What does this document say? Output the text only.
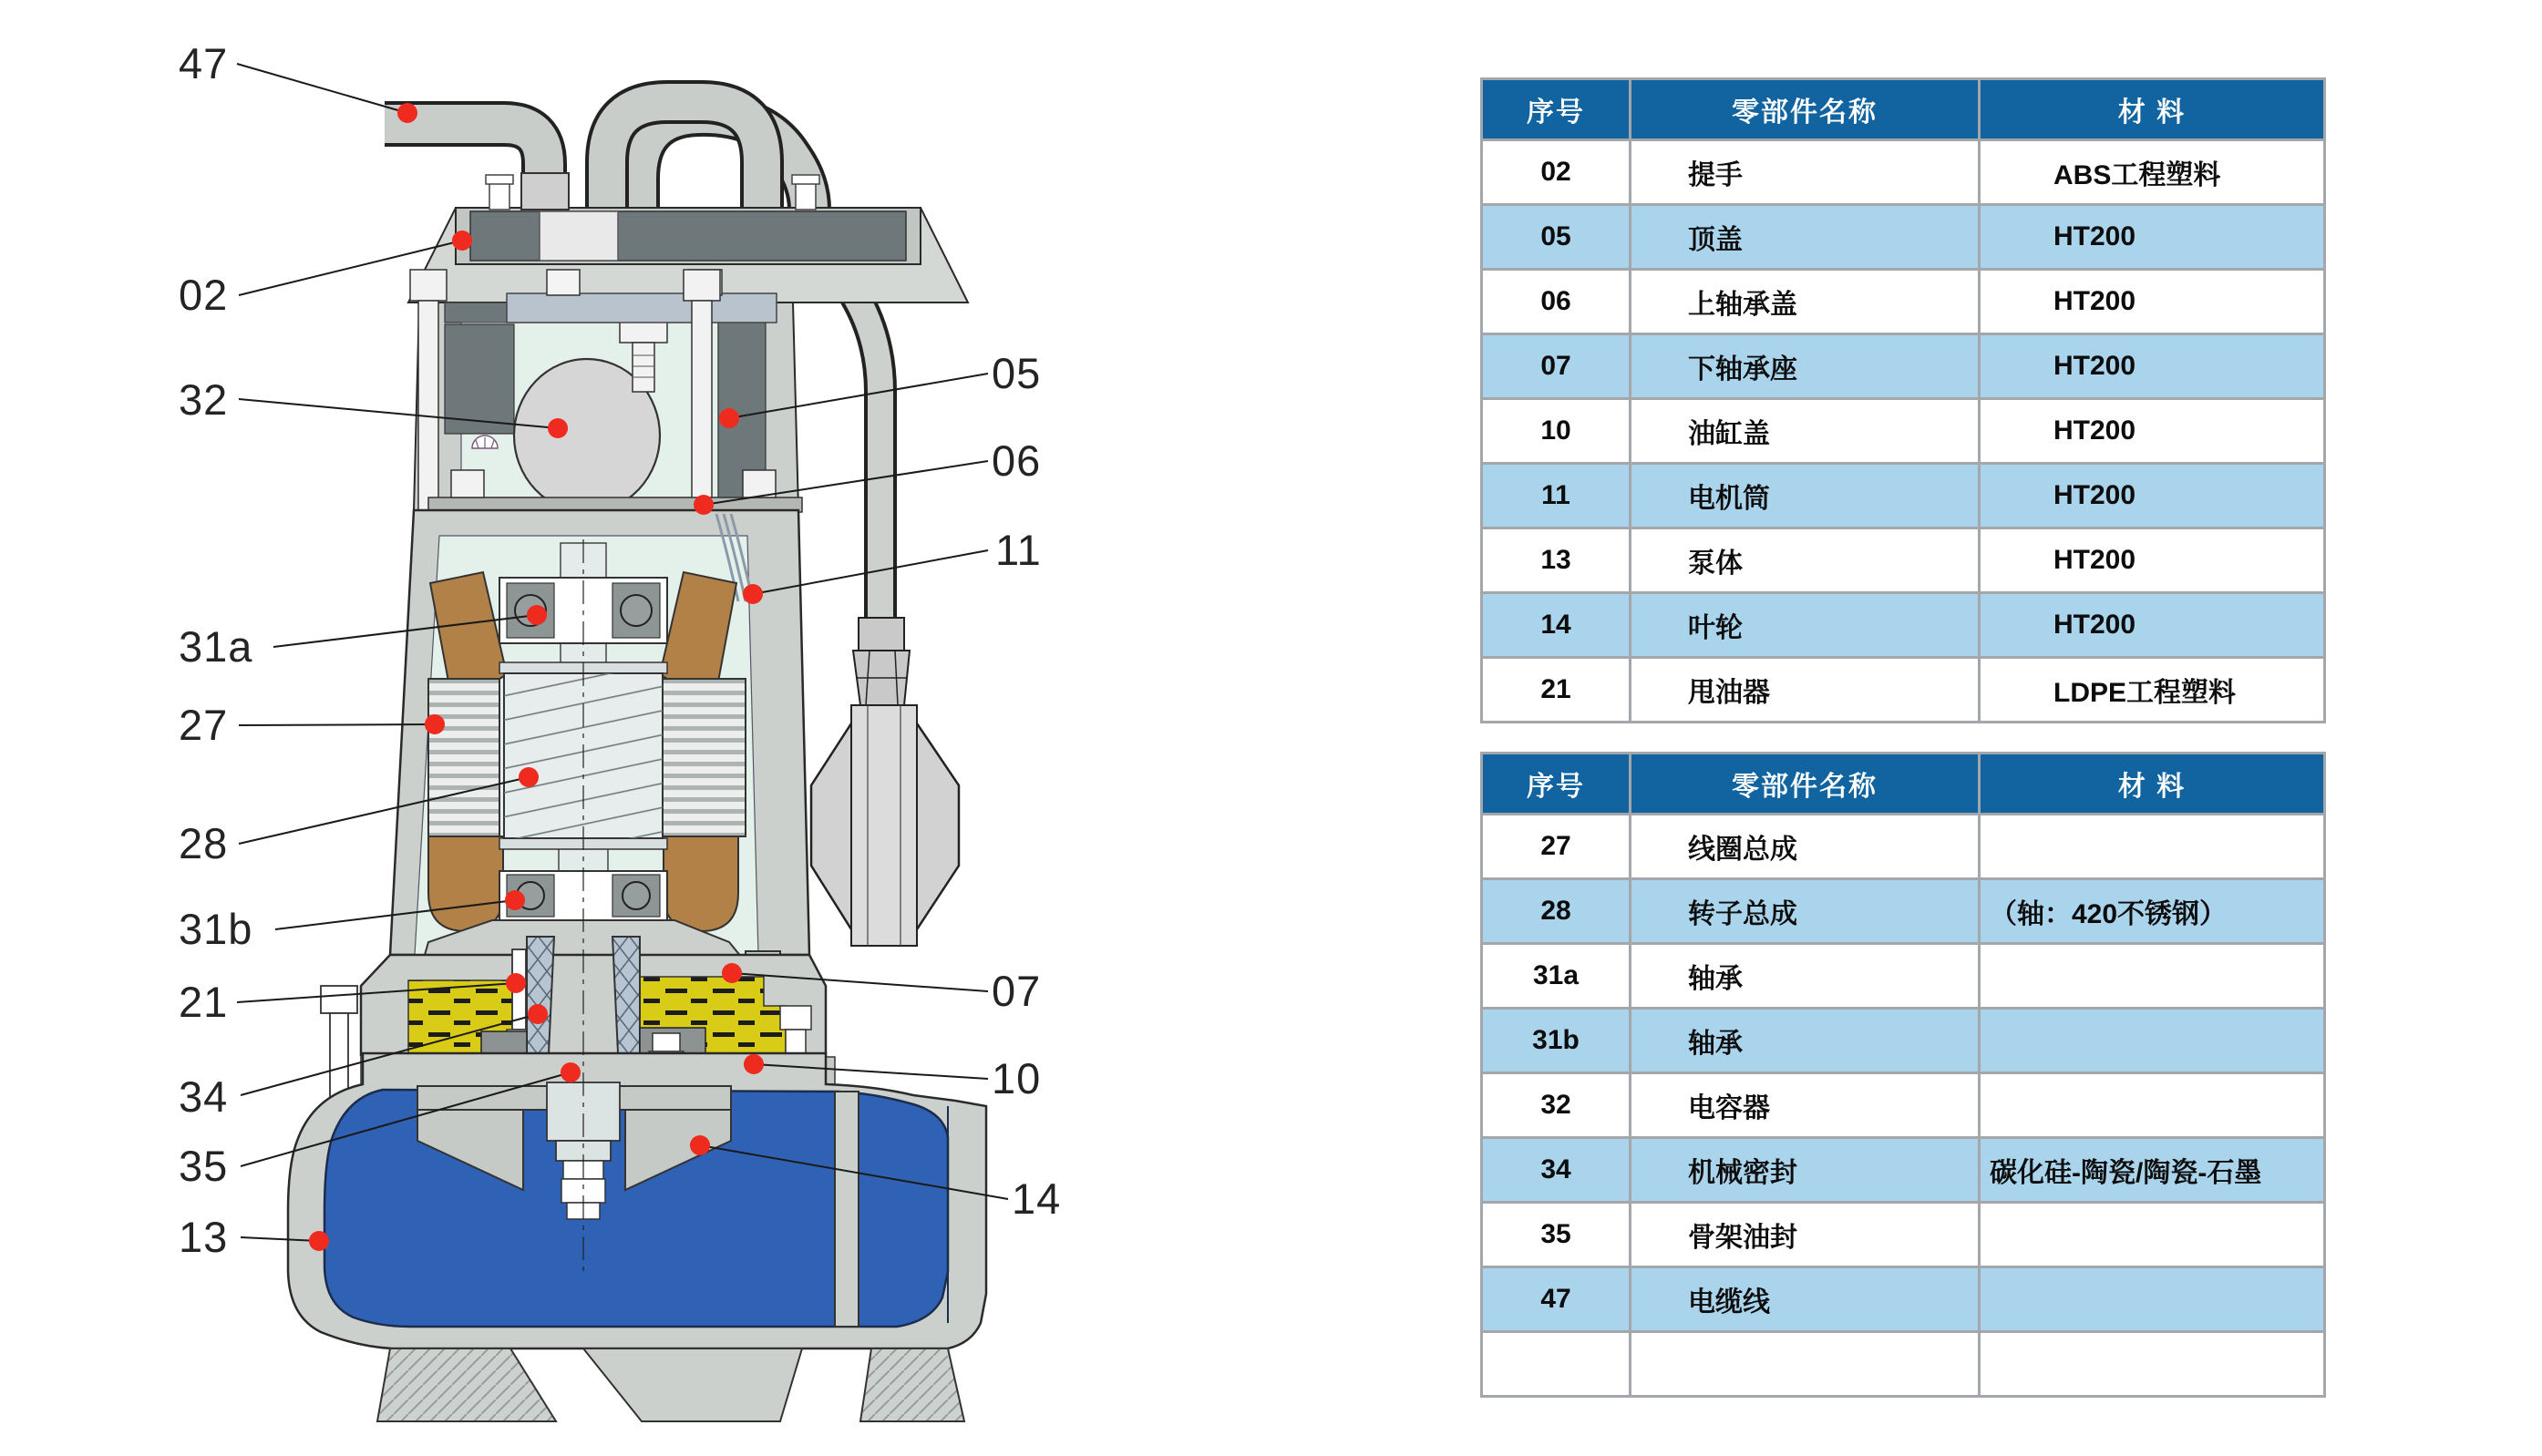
47
02
32
31a
27
28
31b
21
34
35
13
05
06
11
07
10
14
序号	零部件名称	材 料
02	提手	ABS工程塑料
05	顶盖	HT200
06	上轴承盖	HT200
07	下轴承座	HT200
10	油缸盖	HT200
11	电机筒	HT200
13	泵体	HT200
14	叶轮	HT200
21	甩油器	LDPE工程塑料
序号	零部件名称	材 料
27	线圈总成	
28	转子总成	（轴：420不锈钢）
31a	轴承	
31b	轴承	
32	电容器	
34	机械密封	碳化硅-陶瓷/陶瓷-石墨
35	骨架油封	
47	电缆线	
